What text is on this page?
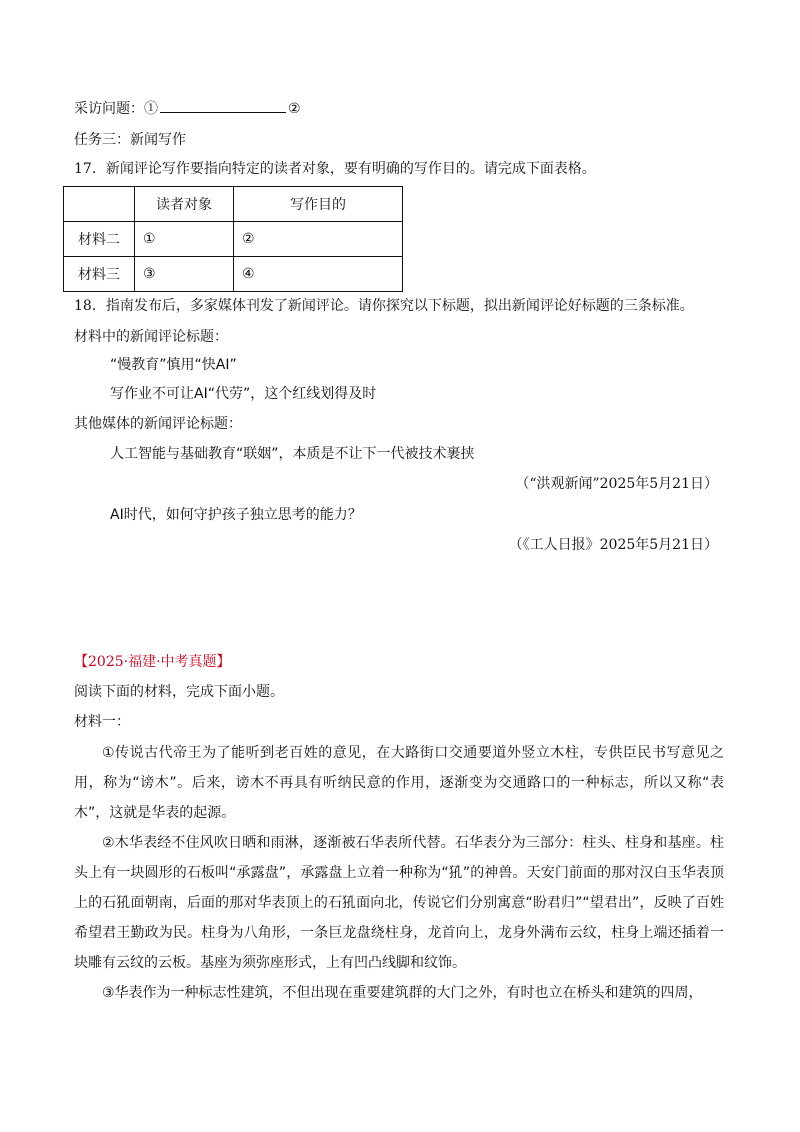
采访问题：①	②
任务三：新闻写作
17．新闻评论写作要指向特定的读者对象，要有明确的写作目的。请完成下面表格。
	读者对象	写作目的
材料二	①	②
材料三	③	④
18．指南发布后，多家媒体刊发了新闻评论。请你探究以下标题，拟出新闻评论好标题的三条标准。
材料中的新闻评论标题：
“慢教育”慎用“快AI”
写作业不可让AI“代劳”，这个红线划得及时
其他媒体的新闻评论标题：
人工智能与基础教育“联姻”，本质是不让下一代被技术裹挟
（“洪观新闻”2025年5月21日）
AI时代，如何守护孩子独立思考的能力？
（《工人日报》2025年5月21日）
【2025·福建·中考真题】
阅读下面的材料，完成下面小题。
材料一：

①传说古代帝王为了能听到老百姓的意见，在大路街口交通要道外竖立木柱，专供臣民书写意见之用，称为“谤木”。后来，谤木不再具有听纳民意的作用，逐渐变为交通路口的一种标志，所以又称“表木”，这就是华表的起源。

②木华表经不住风吹日晒和雨淋，逐渐被石华表所代替。石华表分为三部分：柱头、柱身和基座。柱头上有一块圆形的石板叫“承露盘”，承露盘上立着一种称为“犼”的神兽。天安门前面的那对汉白玉华表顶上的石犼面朝南，后面的那对华表顶上的石犼面向北，传说它们分别寓意“盼君归”“望君出”，反映了百姓希望君王勤政为民。柱身为八角形，一条巨龙盘绕柱身，龙首向上，龙身外满布云纹，柱身上端还插着一块雕有云纹的云板。基座为须弥座形式，上有凹凸线脚和纹饰。

③华表作为一种标志性建筑，不但出现在重要建筑群的大门之外，有时也立在桥头和建筑的四周，
